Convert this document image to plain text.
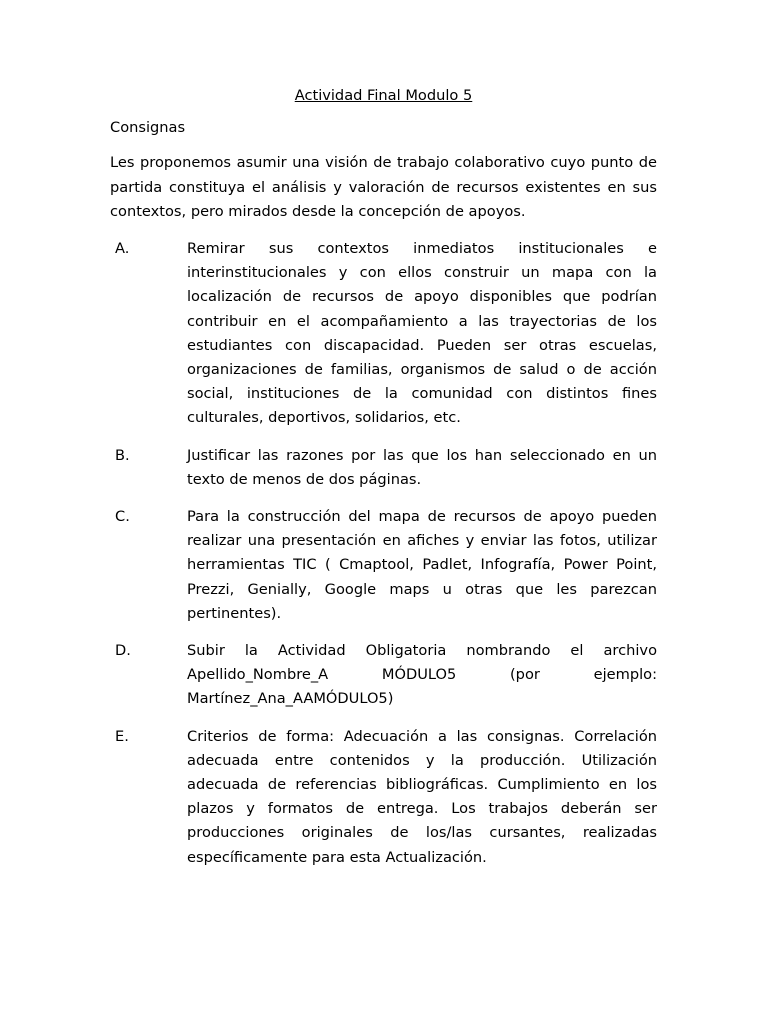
Actividad Final Modulo 5

Consignas

Les proponemos asumir una visión de trabajo colaborativo cuyo punto de partida constituya el análisis y valoración de recursos existentes en sus contextos, pero mirados desde la concepción de apoyos.

A.	Remirar sus contextos inmediatos institucionales e interinstitucionales y con ellos construir un mapa con la localización de recursos de apoyo disponibles que podrían contribuir en el acompañamiento a las trayectorias de los estudiantes con discapacidad. Pueden ser otras escuelas, organizaciones de familias, organismos de salud o de acción social, instituciones de la comunidad con distintos fines culturales, deportivos, solidarios, etc.
B.	Justificar las razones por las que los han seleccionado en un texto de menos de dos páginas.
C.	Para la construcción del mapa de recursos de apoyo pueden realizar una presentación en afiches y enviar las fotos, utilizar herramientas TIC ( Cmaptool, Padlet, Infografía, Power Point, Prezzi, Genially, Google maps u otras que les parezcan pertinentes).
D.	Subir la Actividad Obligatoria nombrando el archivo Apellido_Nombre_A MÓDULO5 (por ejemplo: Martínez_Ana_AAMÓDULO5)
E.	Criterios de forma: Adecuación a las consignas. Correlación adecuada entre contenidos y la producción. Utilización adecuada de referencias bibliográficas. Cumplimiento en los plazos y formatos de entrega. Los trabajos deberán ser producciones originales de los/las cursantes, realizadas específicamente para esta Actualización.
